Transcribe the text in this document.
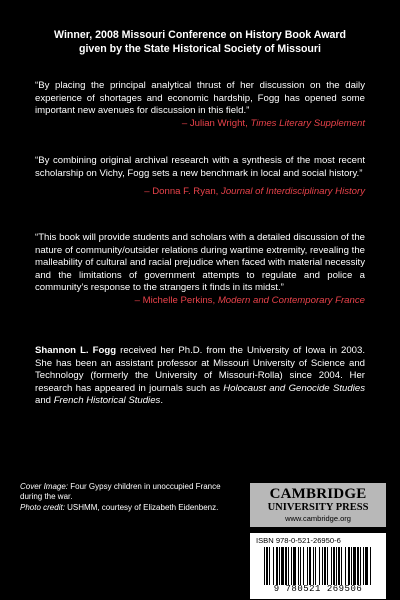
Winner, 2008 Missouri Conference on History Book Award
given by the State Historical Society of Missouri
“By placing the principal analytical thrust of her discussion on the daily experience of shortages and economic hardship, Fogg has opened some important new avenues for discussion in this field.”
– Julian Wright, Times Literary Supplement
“By combining original archival research with a synthesis of the most recent scholarship on Vichy, Fogg sets a new benchmark in local and social history.”
– Donna F. Ryan, Journal of Interdisciplinary History
“This book will provide students and scholars with a detailed discussion of the nature of community/outsider relations during wartime extremity, revealing the malleability of cultural and racial prejudice when faced with material necessity and the limitations of government attempts to regulate and police a community’s response to the strangers it finds in its midst.”
– Michelle Perkins, Modern and Contemporary France
Shannon L. Fogg received her Ph.D. from the University of Iowa in 2003. She has been an assistant professor at Missouri University of Science and Technology (formerly the University of Missouri-Rolla) since 2004. Her research has appeared in journals such as Holocaust and Genocide Studies and French Historical Studies.
Cover Image: Four Gypsy children in unoccupied France during the war.
Photo credit: USHMM, courtesy of Elizabeth Eidenbenz.
CAMBRIDGE
UNIVERSITY PRESS
www.cambridge.org
ISBN 978-0-521-26950-6
9 780521 269506
